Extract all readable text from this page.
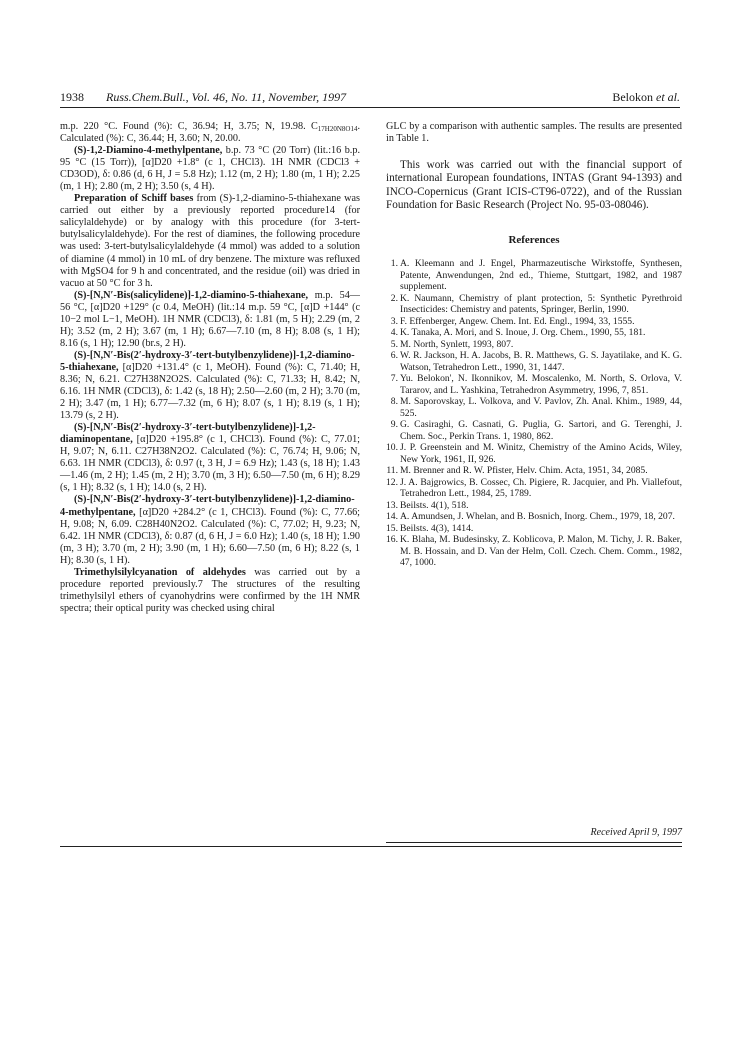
1938 Russ.Chem.Bull., Vol. 46, No. 11, November, 1997	Belokon et al.

m.p. 220 °C. Found (%): C, 36.94; H, 3.75; N, 19.98. $C_{17H20N8O14}$. Calculated (%): C, 36.44; H, 3.60; N, 20.00.

(S)-1,2-Diamino-4-methylpentane, b.p. 73 °C (20 Torr) (lit.:16 b.p. 95 °C (15 Torr)), [α]D20 +1.8° (c 1, CHCl3). 1H NMR (CDCl3 + CD3OD), δ: 0.86 (d, 6 H, J = 5.8 Hz); 1.12 (m, 2 H); 1.80 (m, 1 H); 2.25 (m, 1 H); 2.80 (m, 2 H); 3.50 (s, 4 H).

Preparation of Schiff bases from (S)-1,2-diamino-5-thiahexane was carried out either by a previously reported procedure14 (for salicylaldehyde) or by analogy with this procedure (for 3-tert-butylsalicylaldehyde). For the rest of diamines, the following procedure was used: 3-tert-butylsalicylaldehyde (4 mmol) was added to a solution of diamine (4 mmol) in 10 mL of dry benzene. The mixture was refluxed with MgSO4 for 9 h and concentrated, and the residue (oil) was dried in vacuo at 50 °C for 3 h.

(S)-[N,N′-Bis(salicylidene)]-1,2-diamino-5-thiahexane, m.p. 54—56 °C, [α]D20 +129° (c 0.4, MeOH) (lit.:14 m.p. 59 °C, [α]D +144° (c 10−2 mol L−1, MeOH). 1H NMR (CDCl3), δ: 1.81 (m, 5 H); 2.29 (m, 2 H); 3.52 (m, 2 H); 3.67 (m, 1 H); 6.67—7.10 (m, 8 H); 8.08 (s, 1 H); 8.16 (s, 1 H); 12.90 (br.s, 2 H).

(S)-[N,N′-Bis(2′-hydroxy-3′-tert-butylbenzylidene)]-1,2-diamino-5-thiahexane, [α]D20 +131.4° (c 1, MeOH). Found (%): C, 71.40; H, 8.36; N, 6.21. C27H38N2O2S. Calculated (%): C, 71.33; H, 8.42; N, 6.16. 1H NMR (CDCl3), δ: 1.42 (s, 18 H); 2.50—2.60 (m, 2 H); 3.70 (m, 2 H); 3.47 (m, 1 H); 6.77—7.32 (m, 6 H); 8.07 (s, 1 H); 8.19 (s, 1 H); 13.79 (s, 2 H).

(S)-[N,N′-Bis(2′-hydroxy-3′-tert-butylbenzylidene)]-1,2-diaminopentane, [α]D20 +195.8° (c 1, CHCl3). Found (%): C, 77.01; H, 9.07; N, 6.11. C27H38N2O2. Calculated (%): C, 76.74; H, 9.06; N, 6.63. 1H NMR (CDCl3), δ: 0.97 (t, 3 H, J = 6.9 Hz); 1.43 (s, 18 H); 1.43—1.46 (m, 2 H); 1.45 (m, 2 H); 3.70 (m, 3 H); 6.50—7.50 (m, 6 H); 8.29 (s, 1 H); 8.32 (s, 1 H); 14.0 (s, 2 H).

(S)-[N,N′-Bis(2′-hydroxy-3′-tert-butylbenzylidene)]-1,2-diamino-4-methylpentane, [α]D20 +284.2° (c 1, CHCl3). Found (%): C, 77.66; H, 9.08; N, 6.09. C28H40N2O2. Calculated (%): C, 77.02; H, 9.23; N, 6.42. 1H NMR (CDCl3), δ: 0.87 (d, 6 H, J = 6.0 Hz); 1.40 (s, 18 H); 1.90 (m, 3 H); 3.70 (m, 2 H); 3.90 (m, 1 H); 6.60—7.50 (m, 6 H); 8.22 (s, 1 H); 8.30 (s, 1 H).

Trimethylsilylcyanation of aldehydes was carried out by a procedure reported previously.7 The structures of the resulting trimethylsilyl ethers of cyanohydrins were confirmed by the 1H NMR spectra; their optical purity was checked using chiral

GLC by a comparison with authentic samples. The results are presented in Table 1.

This work was carried out with the financial support of international European foundations, INTAS (Grant 94-1393) and INCO-Copernicus (Grant ICIS-CT96-0722), and of the Russian Foundation for Basic Research (Project No. 95-03-08046).

References
1. A. Kleemann and J. Engel, Pharmazeutische Wirkstoffe, Synthesen, Patente, Anwendungen, 2nd ed., Thieme, Stuttgart, 1982, and 1987 supplement.
2. K. Naumann, Chemistry of plant protection, 5: Synthetic Pyrethroid Insecticides: Chemistry and patents, Springer, Berlin, 1990.
3. F. Effenberger, Angew. Chem. Int. Ed. Engl., 1994, 33, 1555.
4. K. Tanaka, A. Mori, and S. Inoue, J. Org. Chem., 1990, 55, 181.
5. M. North, Synlett, 1993, 807.
6. W. R. Jackson, H. A. Jacobs, B. R. Matthews, G. S. Jayatilake, and K. G. Watson, Tetrahedron Lett., 1990, 31, 1447.
7. Yu. Belokon', N. Ikonnikov, M. Moscalenko, M. North, S. Orlova, V. Tararov, and L. Yashkina, Tetrahedron Asymmetry, 1996, 7, 851.
8. M. Saporovskay, L. Volkova, and V. Pavlov, Zh. Anal. Khim., 1989, 44, 525.
9. G. Casiraghi, G. Casnati, G. Puglia, G. Sartori, and G. Terenghi, J. Chem. Soc., Perkin Trans. 1, 1980, 862.
10. J. P. Greenstein and M. Winitz, Chemistry of the Amino Acids, Wiley, New York, 1961, II, 926.
11. M. Brenner and R. W. Pfister, Helv. Chim. Acta, 1951, 34, 2085.
12. J. A. Bajgrowics, B. Cossec, Ch. Pigiere, R. Jacquier, and Ph. Viallefout, Tetrahedron Lett., 1984, 25, 1789.
13. Beilsts. 4(1), 518.
14. A. Amundsen, J. Whelan, and B. Bosnich, Inorg. Chem., 1979, 18, 207.
15. Beilsts. 4(3), 1414.
16. K. Blaha, M. Budesinsky, Z. Koblicova, P. Malon, M. Tichy, J. R. Baker, M. B. Hossain, and D. Van der Helm, Coll. Czech. Chem. Comm., 1982, 47, 1000.
Received April 9, 1997
